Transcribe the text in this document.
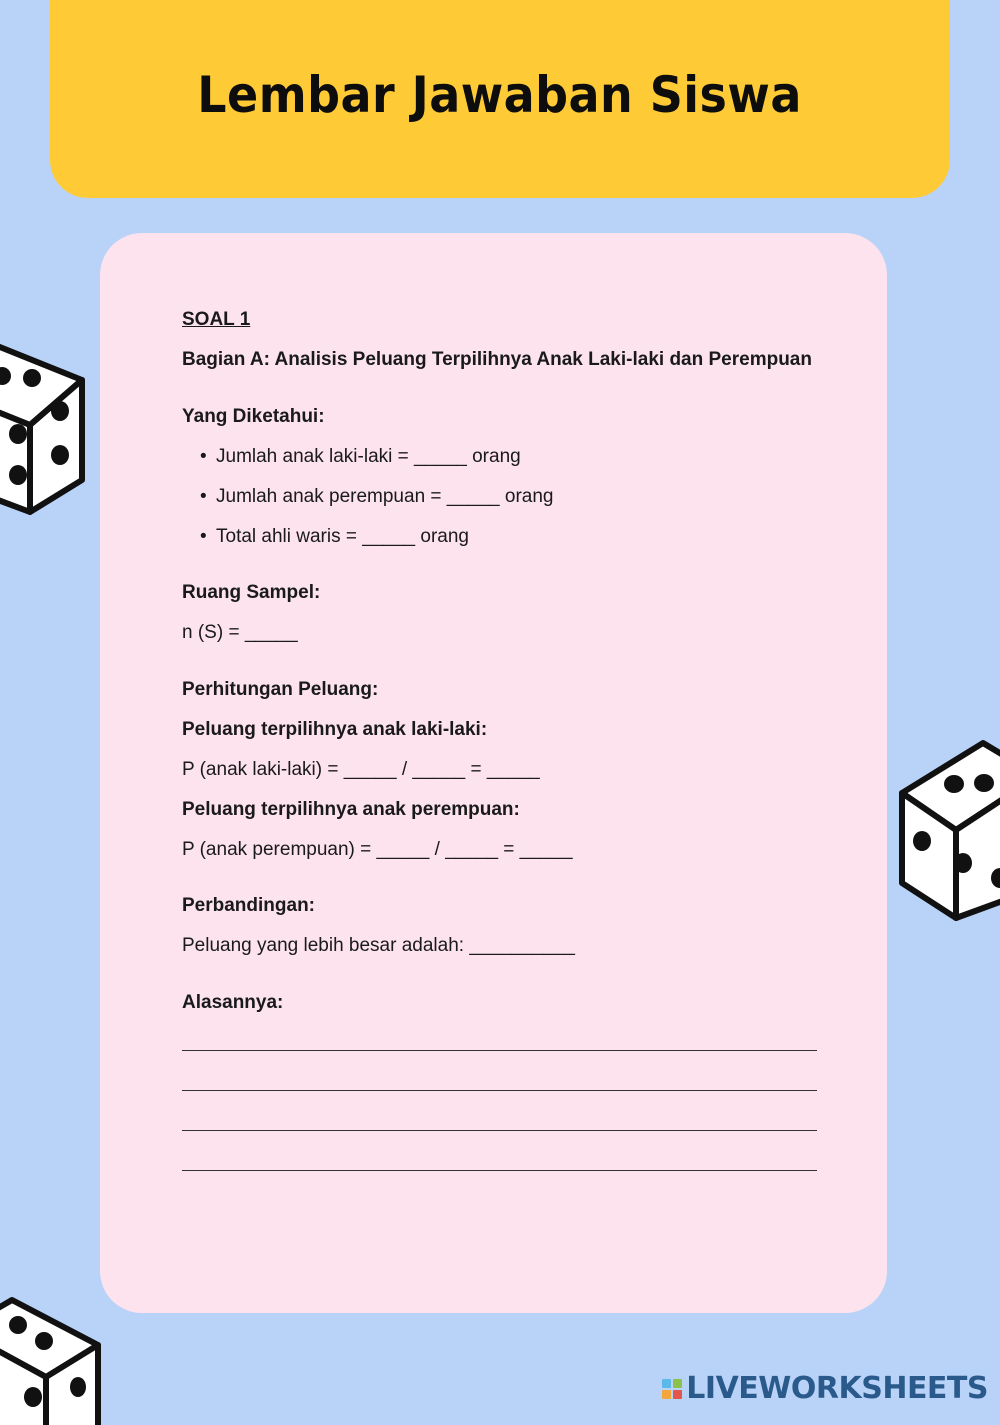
Lembar Jawaban Siswa
SOAL 1
Bagian A: Analisis Peluang Terpilihnya Anak Laki-laki dan Perempuan
Yang Diketahui:
• Jumlah anak laki-laki = _____ orang
• Jumlah anak perempuan = _____ orang
• Total ahli waris = _____ orang
Ruang Sampel:
n (S) = _____
Perhitungan Peluang:
Peluang terpilihnya anak laki-laki:
P (anak laki-laki) = _____ / _____ = _____
Peluang terpilihnya anak perempuan:
P (anak perempuan) = _____ / _____ = _____
Perbandingan:
Peluang yang lebih besar adalah: __________
Alasannya:
LIVEWORKSHEETS
